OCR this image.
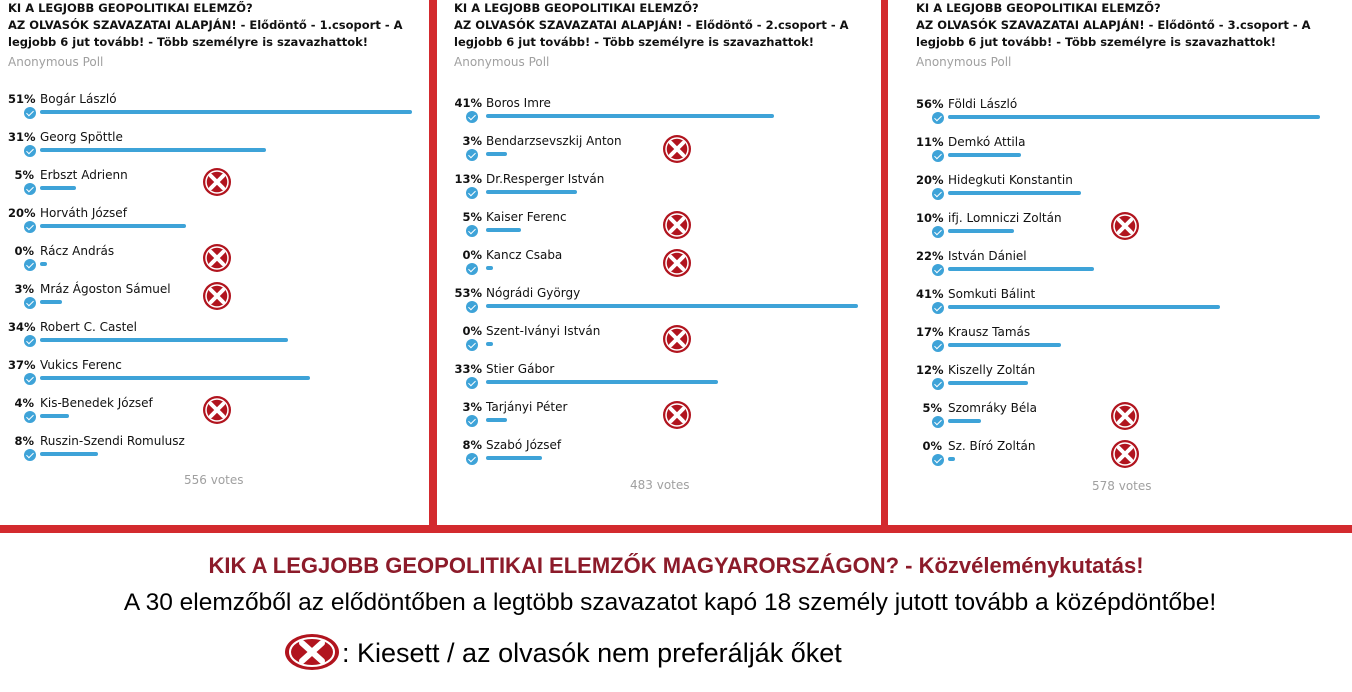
KI A LEGJOBB GEOPOLITIKAI ELEMZŐ?
AZ OLVASÓK SZAVAZATAI ALAPJÁN! - Elődöntő - 1.csoport - A
legjobb 6 jut tovább! - Több személyre is szavazhattok!
Anonymous Poll
51% Bogár László
31% Georg Spöttle
5% Erbszt Adrienn
20% Horváth József
0% Rácz András
3% Mráz Ágoston Sámuel
34% Robert C. Castel
37% Vukics Ferenc
4% Kis-Benedek József
8% Ruszin-Szendi Romulusz
556 votes
KI A LEGJOBB GEOPOLITIKAI ELEMZŐ?
AZ OLVASÓK SZAVAZATAI ALAPJÁN! - Elődöntő - 2.csoport - A
legjobb 6 jut tovább! - Több személyre is szavazhattok!
Anonymous Poll
41% Boros Imre
3% Bendarzsevszkij Anton
13% Dr.Resperger István
5% Kaiser Ferenc
0% Kancz Csaba
53% Nógrádi György
0% Szent-Iványi István
33% Stier Gábor
3% Tarjányi Péter
8% Szabó József
483 votes
KI A LEGJOBB GEOPOLITIKAI ELEMZŐ?
AZ OLVASÓK SZAVAZATAI ALAPJÁN! - Elődöntő - 3.csoport - A
legjobb 6 jut tovább! - Több személyre is szavazhattok!
Anonymous Poll
56% Földi László
11% Demkó Attila
20% Hidegkuti Konstantin
10% ifj. Lomniczi Zoltán
22% István Dániel
41% Somkuti Bálint
17% Krausz Tamás
12% Kiszelly Zoltán
5% Szomráky Béla
0% Sz. Bíró Zoltán
578 votes
KIK A LEGJOBB GEOPOLITIKAI ELEMZŐK MAGYARORSZÁGON? - Közvéleménykutatás!
A 30 elemzőből az elődöntőben a legtöbb szavazatot kapó 18 személy jutott tovább a középdöntőbe!
: Kiesett / az olvasók nem preferálják őket
